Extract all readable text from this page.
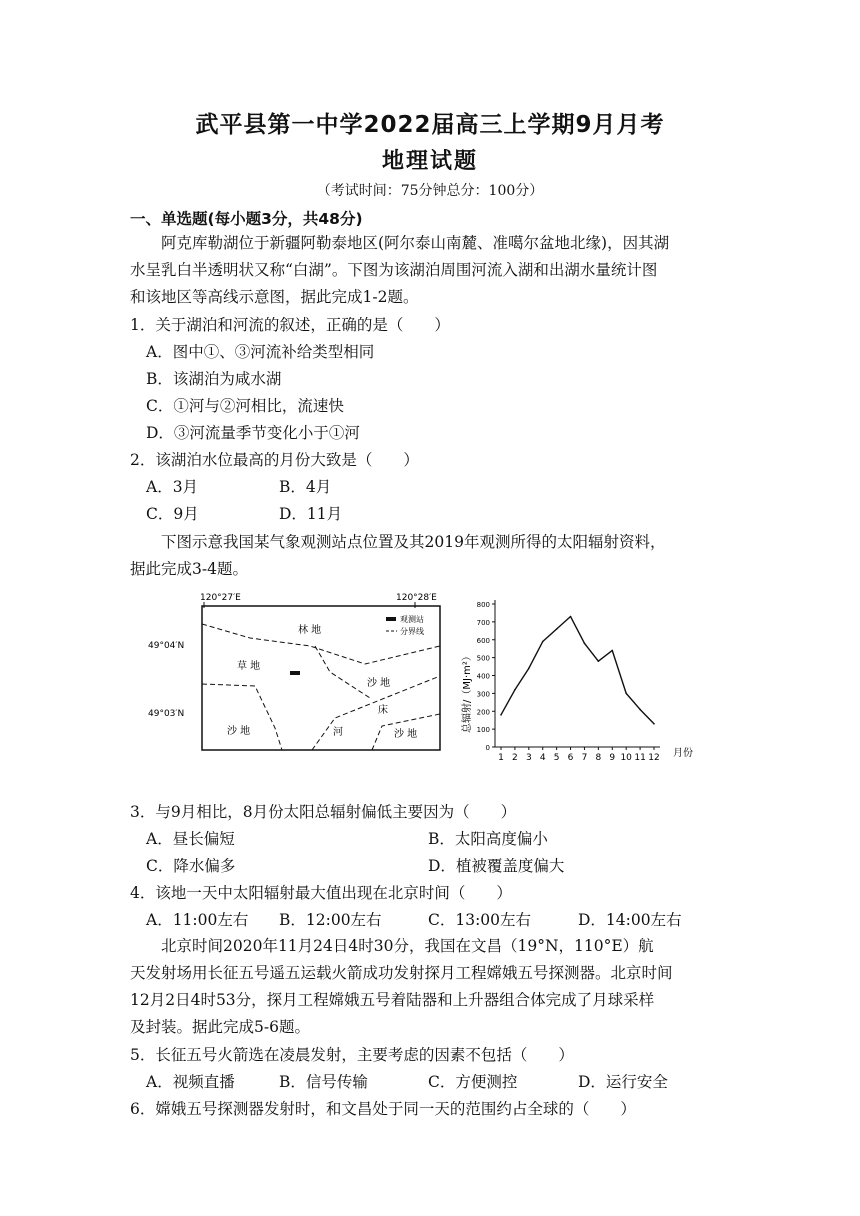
武平县第一中学2022届高三上学期9月月考
地理试题
（考试时间：75分钟总分：100分）
一、单选题(每小题3分，共48分)
　　阿克库勒湖位于新疆阿勒泰地区(阿尔泰山南麓、准噶尔盆地北缘)，因其湖
水呈乳白半透明状又称“白湖”。下图为该湖泊周围河流入湖和出湖水量统计图
和该地区等高线示意图，据此完成1-2题。
1．关于湖泊和河流的叙述，正确的是（　　）
A．图中①、③河流补给类型相同
B．该湖泊为咸水湖
C．①河与②河相比，流速快
D．③河流量季节变化小于①河
2．该湖泊水位最高的月份大致是（　　）
A．3月	B．4月
C．9月	D．11月
　　下图示意我国某气象观测站点位置及其2019年观测所得的太阳辐射资料，
据此完成3-4题。
120°27′E	120°28′E
49°04′N
49°03′N
观测站
分界线
林 地
草 地
沙 地
沙 地	沙 地
河
床	总辐射/（MJ·m²）
月份
0
100
200
300
400
500
600
700
800
1 2 3 4 5 6 7 8 9 10 11 12
3．与9月相比，8月份太阳总辐射偏低主要因为（　　）
A．昼长偏短	B．太阳高度偏小
C．降水偏多	D．植被覆盖度偏大
4．该地一天中太阳辐射最大值出现在北京时间（　　）
A．11:00左右 B．12:00左右	C．13:00左右	D．14:00左右
　　北京时间2020年11月24日4时30分，我国在文昌（19°N，110°E）航
天发射场用长征五号遥五运载火箭成功发射探月工程嫦娥五号探测器。北京时间
12月2日4时53分，探月工程嫦娥五号着陆器和上升器组合体完成了月球采样
及封装。据此完成5-6题。
5．长征五号火箭选在凌晨发射，主要考虑的因素不包括（　　）
A．视频直播	B．信号传输	C．方便测控	D．运行安全
6．嫦娥五号探测器发射时，和文昌处于同一天的范围约占全球的（　　）
